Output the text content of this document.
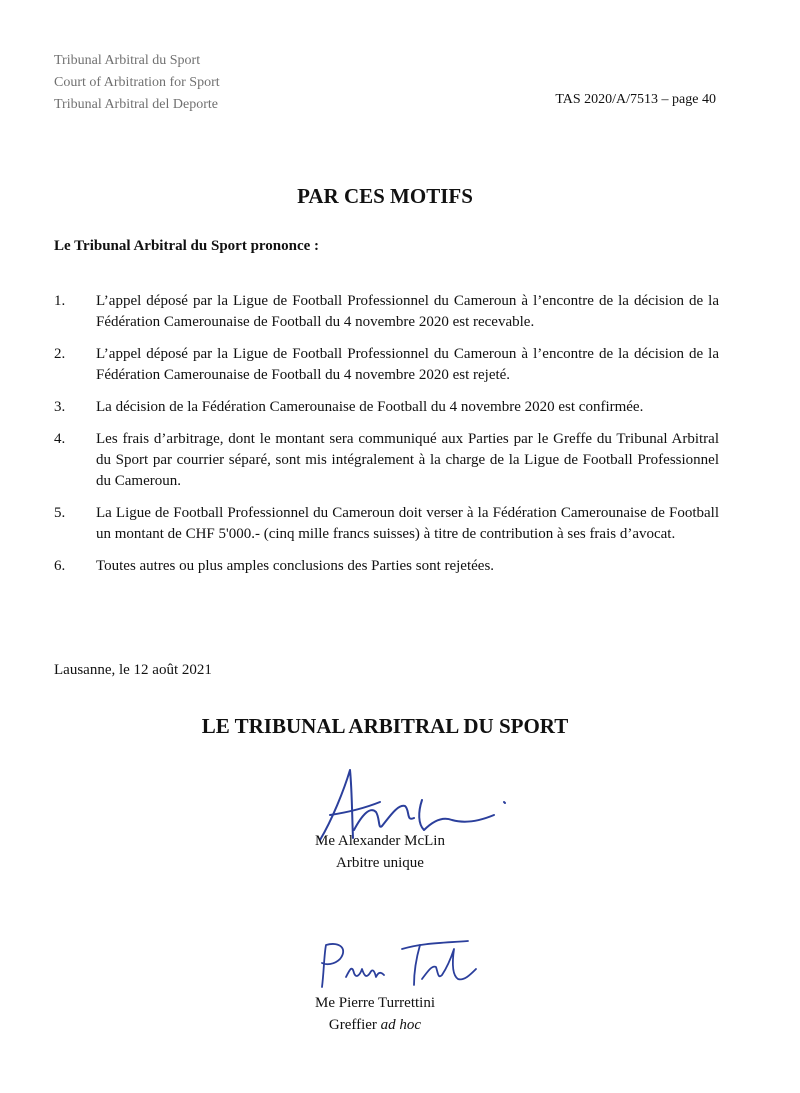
Tribunal Arbitral du Sport
Court of Arbitration for Sport
Tribunal Arbitral del Deporte	TAS 2020/A/7513 – page 40
PAR CES MOTIFS
Le Tribunal Arbitral du Sport prononce :
1.	L’appel déposé par la Ligue de Football Professionnel du Cameroun à l’encontre de la décision de la Fédération Camerounaise de Football du 4 novembre 2020 est recevable.
2.	L’appel déposé par la Ligue de Football Professionnel du Cameroun à l’encontre de la décision de la Fédération Camerounaise de Football du 4 novembre 2020 est rejeté.
3.	La décision de la Fédération Camerounaise de Football du 4 novembre 2020 est confirmée.
4.	Les frais d’arbitrage, dont le montant sera communiqué aux Parties par le Greffe du Tribunal Arbitral du Sport par courrier séparé, sont mis intégralement à la charge de la Ligue de Football Professionnel du Cameroun.
5.	La Ligue de Football Professionnel du Cameroun doit verser à la Fédération Camerounaise de Football un montant de CHF 5'000.- (cinq mille francs suisses) à titre de contribution à ses frais d’avocat.
6.	Toutes autres ou plus amples conclusions des Parties sont rejetées.
Lausanne, le 12 août 2021
LE TRIBUNAL ARBITRAL DU SPORT
Me Alexander McLin
Arbitre unique
Me Pierre Turrettini
Greffier ad hoc
